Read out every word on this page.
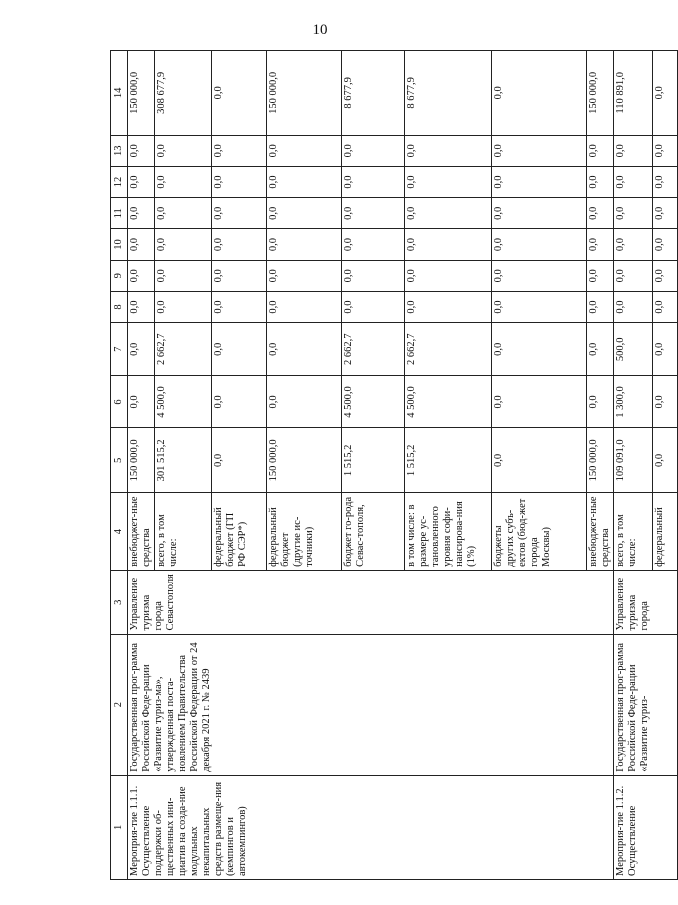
10
1	2	3	4	5	6	7	8	9	10	11	12	13	14
Мероприя-тие 1.1.1. Осуществление поддержки об-щественных ини-циатив на созда-ние модульных некапитальных средств размеще-ния (кемпингов и автокемпингов)	Государственная прог-рамма Российской Феде-рации «Развитие туриз-ма», утвержденная поста-новлением Правительства Российской Федерации от 24 декабря 2021 г. № 2439	Управление туризма города Севастополя	внебюджет-ные средства	150 000,0	0,0	0,0	0,0	0,0	0,0	0,0	0,0	0,0	150 000,0
			всего, в том числе:	301 515,2	4 500,0	2 662,7	0,0	0,0	0,0	0,0	0,0	0,0	308 677,9
			федеральный бюджет (ГП РФ СЭР*)	0,0	0,0	0,0	0,0	0,0	0,0	0,0	0,0	0,0	0,0
			федеральный бюджет (другие ис-точники)	150 000,0	0,0	0,0	0,0	0,0	0,0	0,0	0,0	0,0	150 000,0
			бюджет го-рода Севас-тополя,	1 515,2	4 500,0	2 662,7	0,0	0,0	0,0	0,0	0,0	0,0	8 677,9
			в том числе: в размере ус-тановленного уровня софи-нансирова-ния (1%)	1 515,2	4 500,0	2 662,7	0,0	0,0	0,0	0,0	0,0	0,0	8 677,9
			бюджеты других субъ-ектов (бюд-жет города Москвы)	0,0	0,0	0,0	0,0	0,0	0,0	0,0	0,0	0,0	0,0
			внебюджет-ные средства	150 000,0	0,0	0,0	0,0	0,0	0,0	0,0	0,0	0,0	150 000,0
Мероприя-тие 1.1.2. Осуществление	Государственная прог-рамма Российской Феде-рации «Развитие туриз-	Управление туризма города	всего, в том числе:	109 091,0	1 300,0	500,0	0,0	0,0	0,0	0,0	0,0	0,0	110 891,0
			федеральный	0,0	0,0	0,0	0,0	0,0	0,0	0,0	0,0	0,0	0,0
